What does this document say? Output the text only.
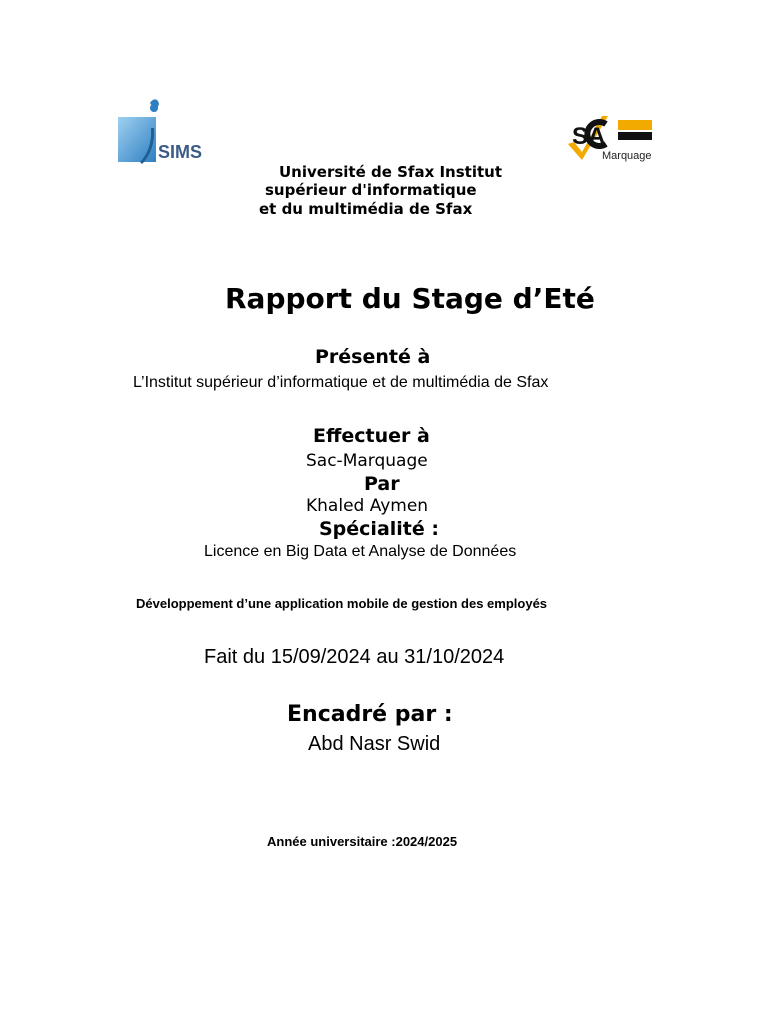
SIMS
S A
Marquage
Université de Sfax Institut
supérieur d'informatique
et du multimédia de Sfax
Rapport du Stage d’Eté
Présenté à
L’Institut supérieur d’informatique et de multimédia de Sfax
Effectuer à
Sac-Marquage
Par
Khaled Aymen
Spécialité :
Licence en Big Data et Analyse de Données
Développement d’une application mobile de gestion des employés
Fait du 15/09/2024 au 31/10/2024
Encadré par :
Abd Nasr Swid
Année universitaire :2024/2025
